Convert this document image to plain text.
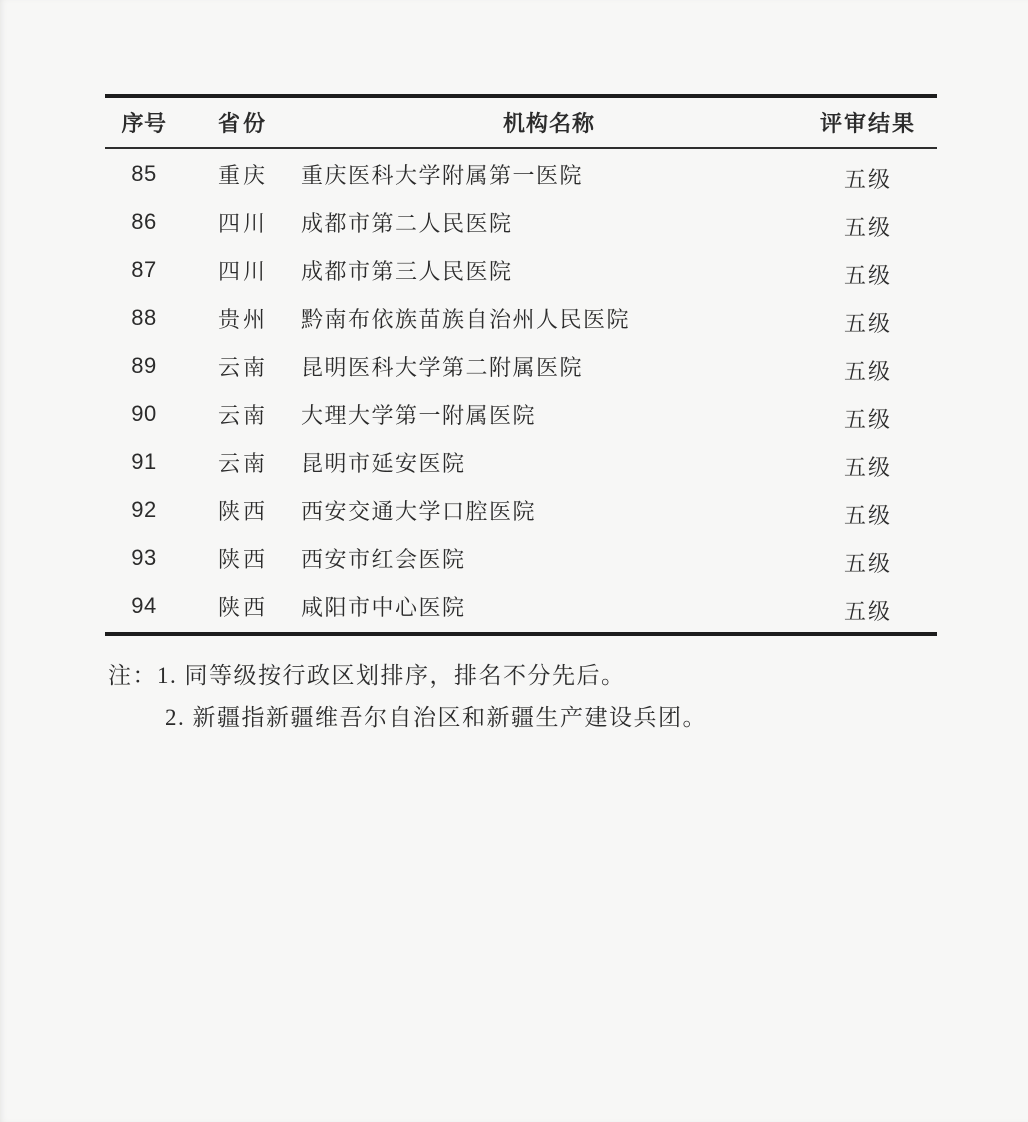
序号	省份	机构名称	评审结果
85	重庆	重庆医科大学附属第一医院	五级
86	四川	成都市第二人民医院	五级
87	四川	成都市第三人民医院	五级
88	贵州	黔南布依族苗族自治州人民医院	五级
89	云南	昆明医科大学第二附属医院	五级
90	云南	大理大学第一附属医院	五级
91	云南	昆明市延安医院	五级
92	陕西	西安交通大学口腔医院	五级
93	陕西	西安市红会医院	五级
94	陕西	咸阳市中心医院	五级
注：1. 同等级按行政区划排序，排名不分先后。
2. 新疆指新疆维吾尔自治区和新疆生产建设兵团。
